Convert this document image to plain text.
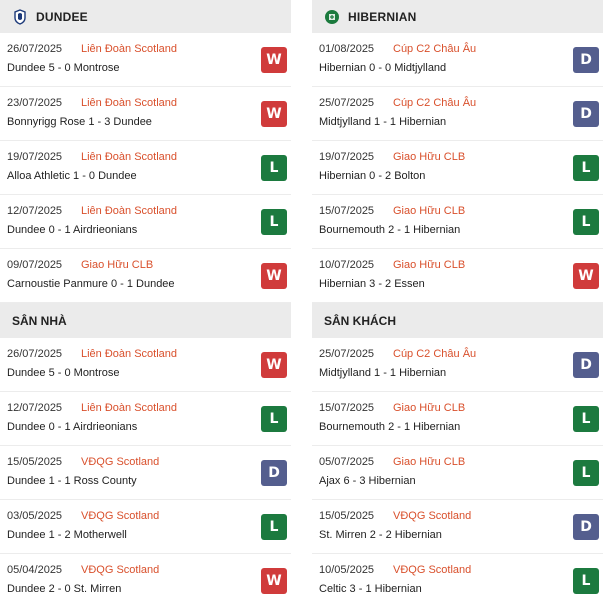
DUNDEE
26/07/2025 Liên Đoàn Scotland
Dundee 5 - 0 Montrose	W
23/07/2025 Liên Đoàn Scotland
Bonnyrigg Rose 1 - 3 Dundee	W
19/07/2025 Liên Đoàn Scotland
Alloa Athletic 1 - 0 Dundee	L
12/07/2025 Liên Đoàn Scotland
Dundee 0 - 1 Airdrieonians	L
09/07/2025 Giao Hữu CLB
Carnoustie Panmure 0 - 1 Dundee	W
SÂN NHÀ
26/07/2025 Liên Đoàn Scotland
Dundee 5 - 0 Montrose	W
12/07/2025 Liên Đoàn Scotland
Dundee 0 - 1 Airdrieonians	L
15/05/2025 VĐQG Scotland
Dundee 1 - 1 Ross County	D
03/05/2025 VĐQG Scotland
Dundee 1 - 2 Motherwell	L
05/04/2025 VĐQG Scotland
Dundee 2 - 0 St. Mirren	W
HIBERNIAN
01/08/2025 Cúp C2 Châu Âu
Hibernian 0 - 0 Midtjylland	D
25/07/2025 Cúp C2 Châu Âu
Midtjylland 1 - 1 Hibernian	D
19/07/2025 Giao Hữu CLB
Hibernian 0 - 2 Bolton	L
15/07/2025 Giao Hữu CLB
Bournemouth 2 - 1 Hibernian	L
10/07/2025 Giao Hữu CLB
Hibernian 3 - 2 Essen	W
SÂN KHÁCH
25/07/2025 Cúp C2 Châu Âu
Midtjylland 1 - 1 Hibernian	D
15/07/2025 Giao Hữu CLB
Bournemouth 2 - 1 Hibernian	L
05/07/2025 Giao Hữu CLB
Ajax 6 - 3 Hibernian	L
15/05/2025 VĐQG Scotland
St. Mirren 2 - 2 Hibernian	D
10/05/2025 VĐQG Scotland
Celtic 3 - 1 Hibernian	L
